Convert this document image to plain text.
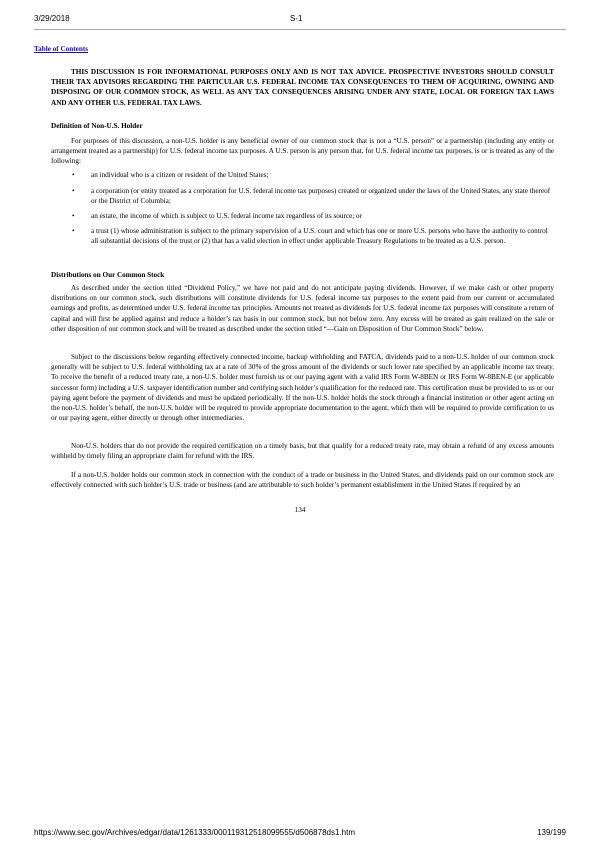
3/29/2018	S-1
Table of Contents
THIS DISCUSSION IS FOR INFORMATIONAL PURPOSES ONLY AND IS NOT TAX ADVICE. PROSPECTIVE INVESTORS SHOULD CONSULT THEIR TAX ADVISORS REGARDING THE PARTICULAR U.S. FEDERAL INCOME TAX CONSEQUENCES TO THEM OF ACQUIRING, OWNING AND DISPOSING OF OUR COMMON STOCK, AS WELL AS ANY TAX CONSEQUENCES ARISING UNDER ANY STATE, LOCAL OR FOREIGN TAX LAWS AND ANY OTHER U.S. FEDERAL TAX LAWS.
Definition of Non-U.S. Holder
For purposes of this discussion, a non-U.S. holder is any beneficial owner of our common stock that is not a “U.S. person” or a partnership (including any entity or arrangement treated as a partnership) for U.S. federal income tax purposes. A U.S. person is any person that, for U.S. federal income tax purposes, is or is treated as any of the following:
• an individual who is a citizen or resident of the United States;
• a corporation (or entity treated as a corporation for U.S. federal income tax purposes) created or organized under the laws of the United States, any state thereof or the District of Columbia;
• an estate, the income of which is subject to U.S. federal income tax regardless of its source; or
• a trust (1) whose administration is subject to the primary supervision of a U.S. court and which has one or more U.S. persons who have the authority to control all substantial decisions of the trust or (2) that has a valid election in effect under applicable Treasury Regulations to be treated as a U.S. person.
Distributions on Our Common Stock
As described under the section titled “Dividend Policy,” we have not paid and do not anticipate paying dividends. However, if we make cash or other property distributions on our common stock, such distributions will constitute dividends for U.S. federal income tax purposes to the extent paid from our current or accumulated earnings and profits, as determined under U.S. federal income tax principles. Amounts not treated as dividends for U.S. federal income tax purposes will constitute a return of capital and will first be applied against and reduce a holder’s tax basis in our common stock, but not below zero. Any excess will be treated as gain realized on the sale or other disposition of our common stock and will be treated as described under the section titled “—Gain on Disposition of Our Common Stock” below.
Subject to the discussions below regarding effectively connected income, backup withholding and FATCA, dividends paid to a non-U.S. holder of our common stock generally will be subject to U.S. federal withholding tax at a rate of 30% of the gross amount of the dividends or such lower rate specified by an applicable income tax treaty. To receive the benefit of a reduced treaty rate, a non-U.S. holder must furnish us or our paying agent with a valid IRS Form W-8BEN or IRS Form W-8BEN-E (or applicable successor form) including a U.S. taxpayer identification number and certifying such holder’s qualification for the reduced rate. This certification must be provided to us or our paying agent before the payment of dividends and must be updated periodically. If the non-U.S. holder holds the stock through a financial institution or other agent acting on the non-U.S. holder’s behalf, the non-U.S. holder will be required to provide appropriate documentation to the agent, which then will be required to provide certification to us or our paying agent, either directly or through other intermediaries.
Non-U.S. holders that do not provide the required certification on a timely basis, but that qualify for a reduced treaty rate, may obtain a refund of any excess amounts withheld by timely filing an appropriate claim for refund with the IRS.
If a non-U.S. holder holds our common stock in connection with the conduct of a trade or business in the United States, and dividends paid on our common stock are effectively connected with such holder’s U.S. trade or business (and are attributable to such holder’s permanent establishment in the United States if required by an
134
https://www.sec.gov/Archives/edgar/data/1261333/000119312518099555/d506878ds1.htm	139/199
